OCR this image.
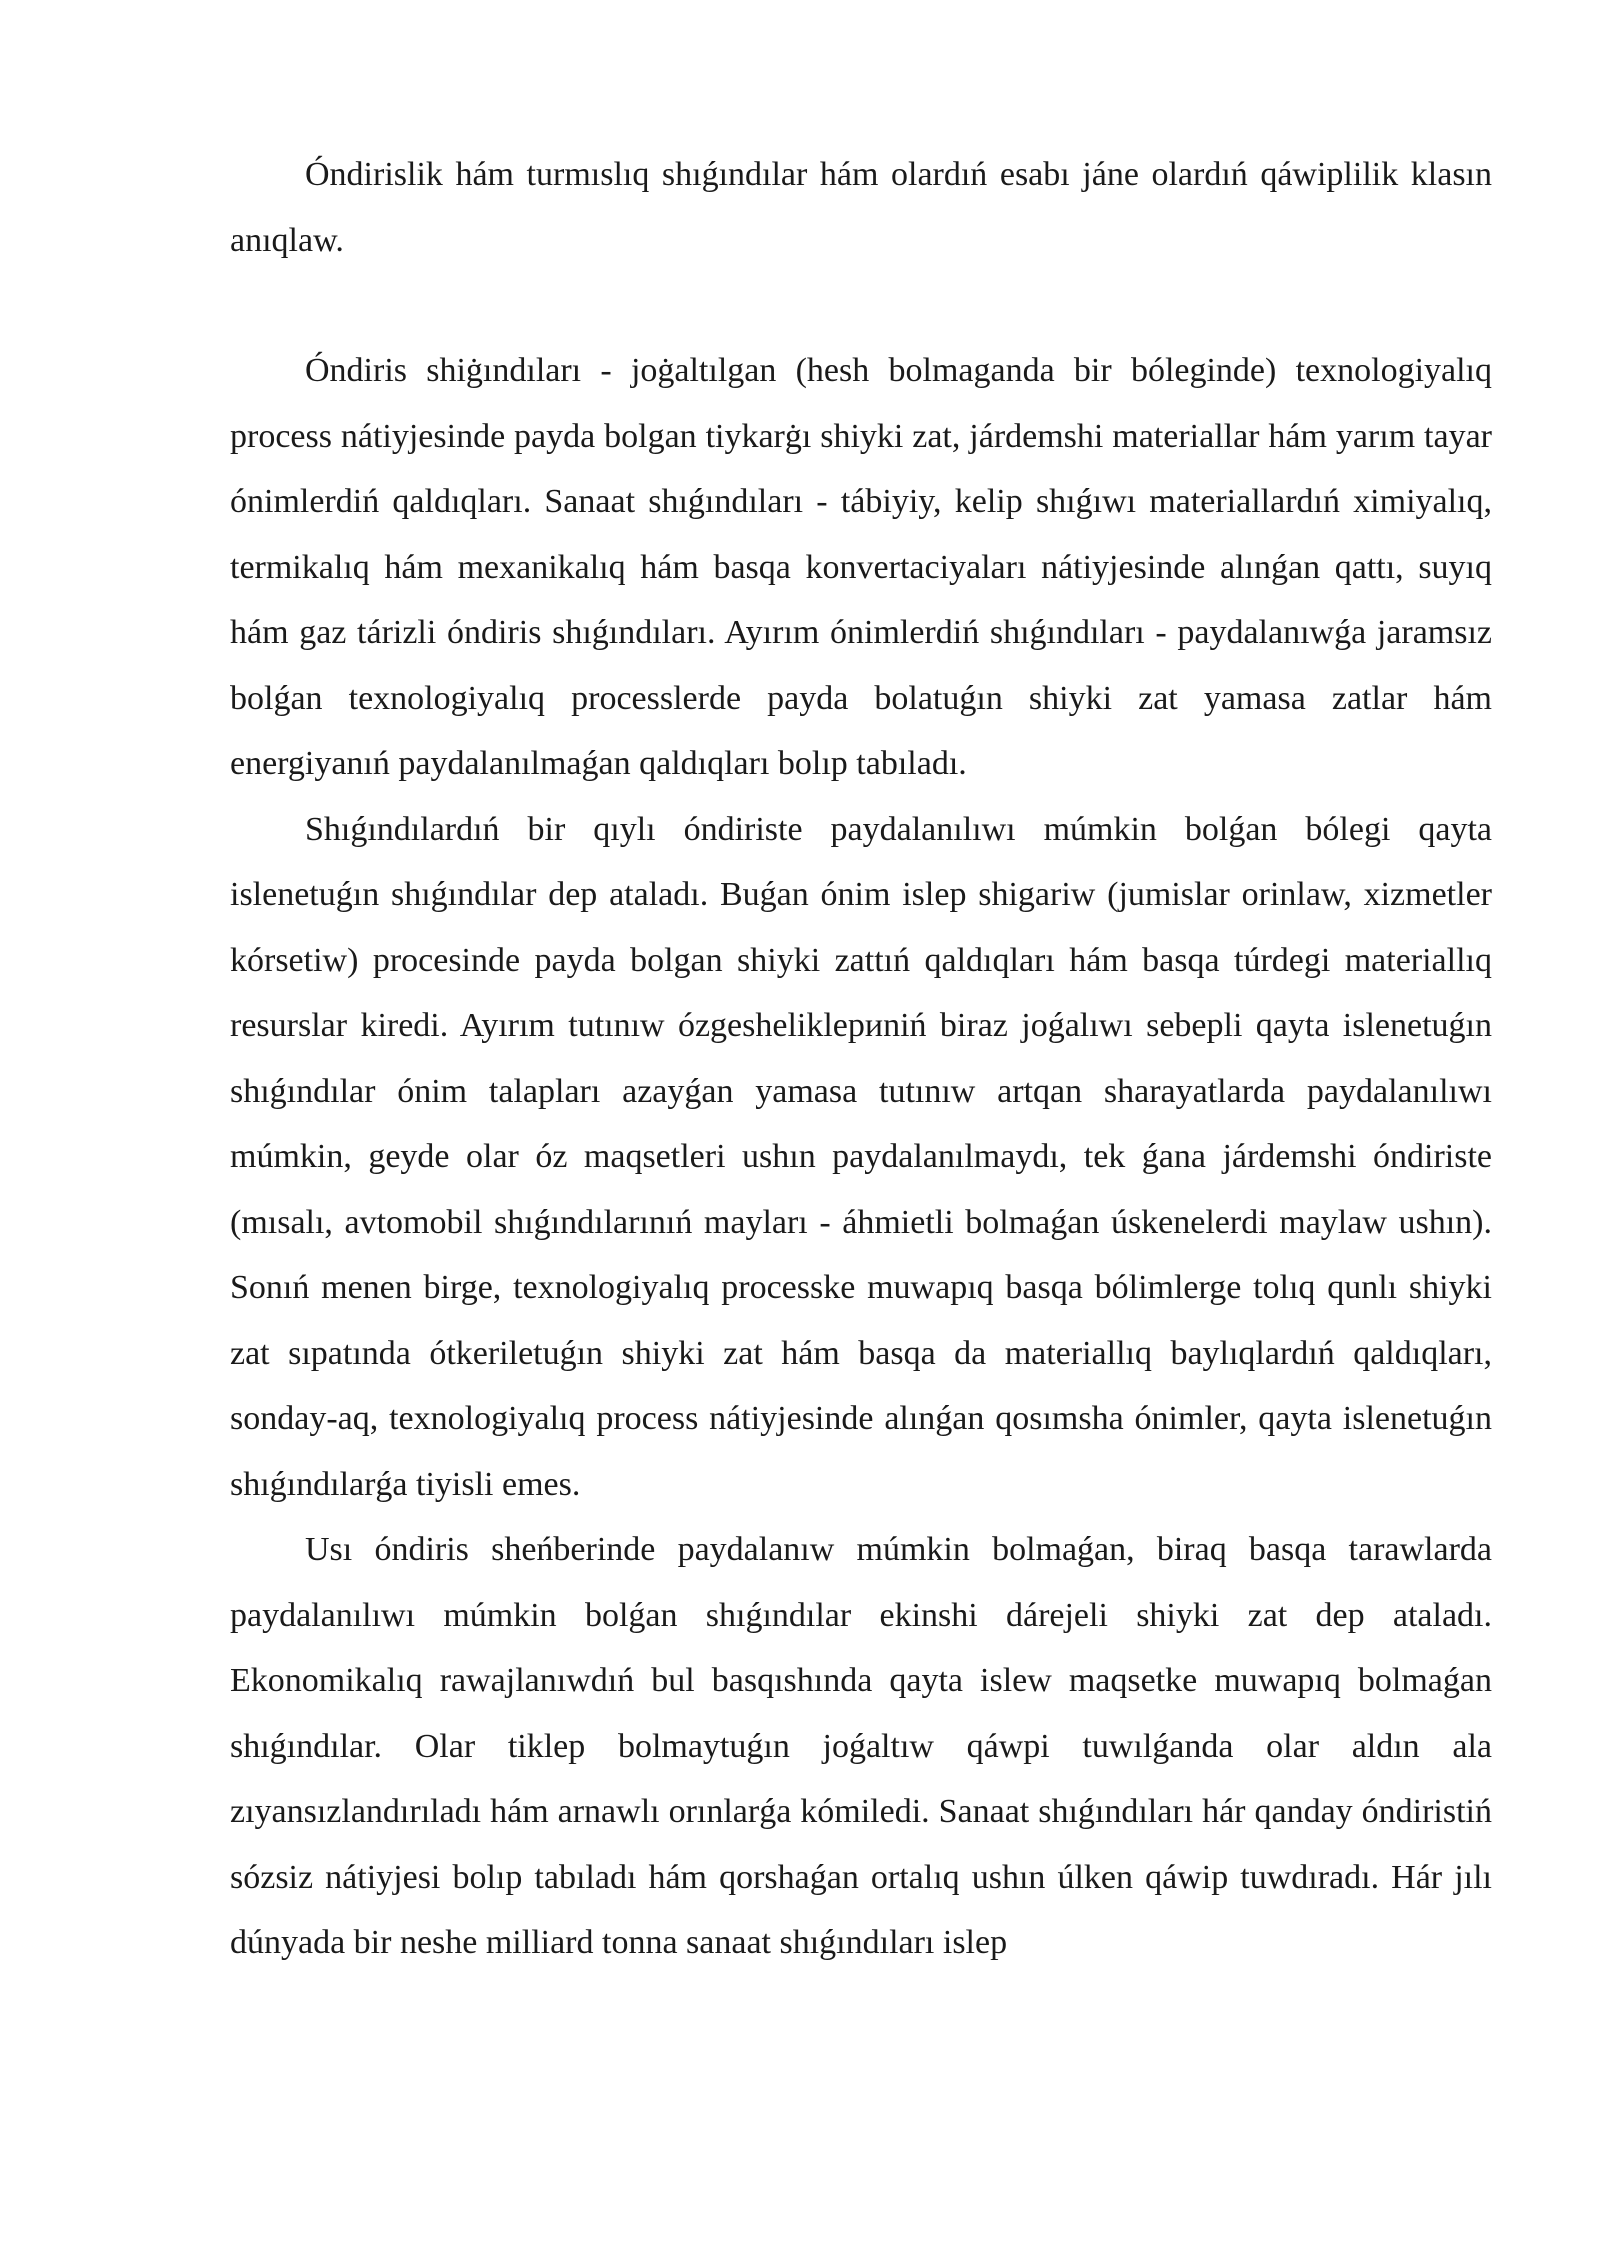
Óndirislik hám turmıslıq shıǵındılar hám olardıń esabı jáne olardıń qáwiplilik klasın anıqlaw.

Óndiris shiġındıları - joġaltılgan (hesh bolmaganda bir bóleginde) texnologiyalıq process nátiyjesinde payda bolgan tiykarġı shiyki zat, járdemshi materiallar hám yarım tayar ónimlerdiń qaldıqları. Sanaat shıǵındıları - tábiyiy, kelip shıǵıwı materiallardıń ximiyalıq, termikalıq hám mexanikalıq hám basqa konvertaciyaları nátiyjesinde alınǵan qattı, suyıq hám gaz tárizli óndiris shıǵındıları. Ayırım ónimlerdiń shıǵındıları - paydalanıwǵa jaramsız bolǵan texnologiyalıq processlerde payda bolatuǵın shiyki zat yamasa zatlar hám energiyanıń paydalanılmaǵan qaldıqları bolıp tabıladı.

Shıǵındılardıń bir qıylı óndiriste paydalanılıwı múmkin bolǵan bólegi qayta islenetuǵın shıǵındılar dep ataladı. Buǵan ónim islep shigariw (jumislar orinlaw, xizmetler kórsetiw) procesinde payda bolgan shiyki zattıń qaldıqları hám basqa túrdegi materiallıq resurslar kiredi. Ayırım tutınıw ózgesheliklериniń biraz joǵalıwı sebepli qayta islenetuǵın shıǵındılar ónim talapları azayǵan yamasa tutınıw artqan sharayatlarda paydalanılıwı múmkin, geyde olar óz maqsetleri ushın paydalanılmaydı, tek ǵana járdemshi óndiriste (mısalı, avtomobil shıǵındılarınıń mayları - áhmietli bolmaǵan úskenelerdi maylaw ushın). Sonıń menen birge, texnologiyalıq processke muwapıq basqa bólimlerge tolıq qunlı shiyki zat sıpatında ótkeriletuǵın shiyki zat hám basqa da materiallıq baylıqlardıń qaldıqları, sonday-aq, texnologiyalıq process nátiyjesinde alınǵan qosımsha ónimler, qayta islenetuǵın shıǵındılarǵa tiyisli emes.

Usı óndiris sheńberinde paydalanıw múmkin bolmaǵan, biraq basqa tarawlarda paydalanılıwı múmkin bolǵan shıǵındılar ekinshi dárejeli shiyki zat dep ataladı. Ekonomikalıq rawajlanıwdıń bul basqıshında qayta islew maqsetke muwapıq bolmaǵan shıǵındılar. Olar tiklep bolmaytuǵın joǵaltıw qáwpi tuwılǵanda olar aldın ala zıyansızlandırıladı hám arnawlı orınlarǵa kómiledi. Sanaat shıǵındıları hár qanday óndiristiń sózsiz nátiyjesi bolıp tabıladı hám qorshaǵan ortalıq ushın úlken qáwip tuwdıradı. Hár jılı dúnyada bir neshe milliard tonna sanaat shıǵındıları islep
